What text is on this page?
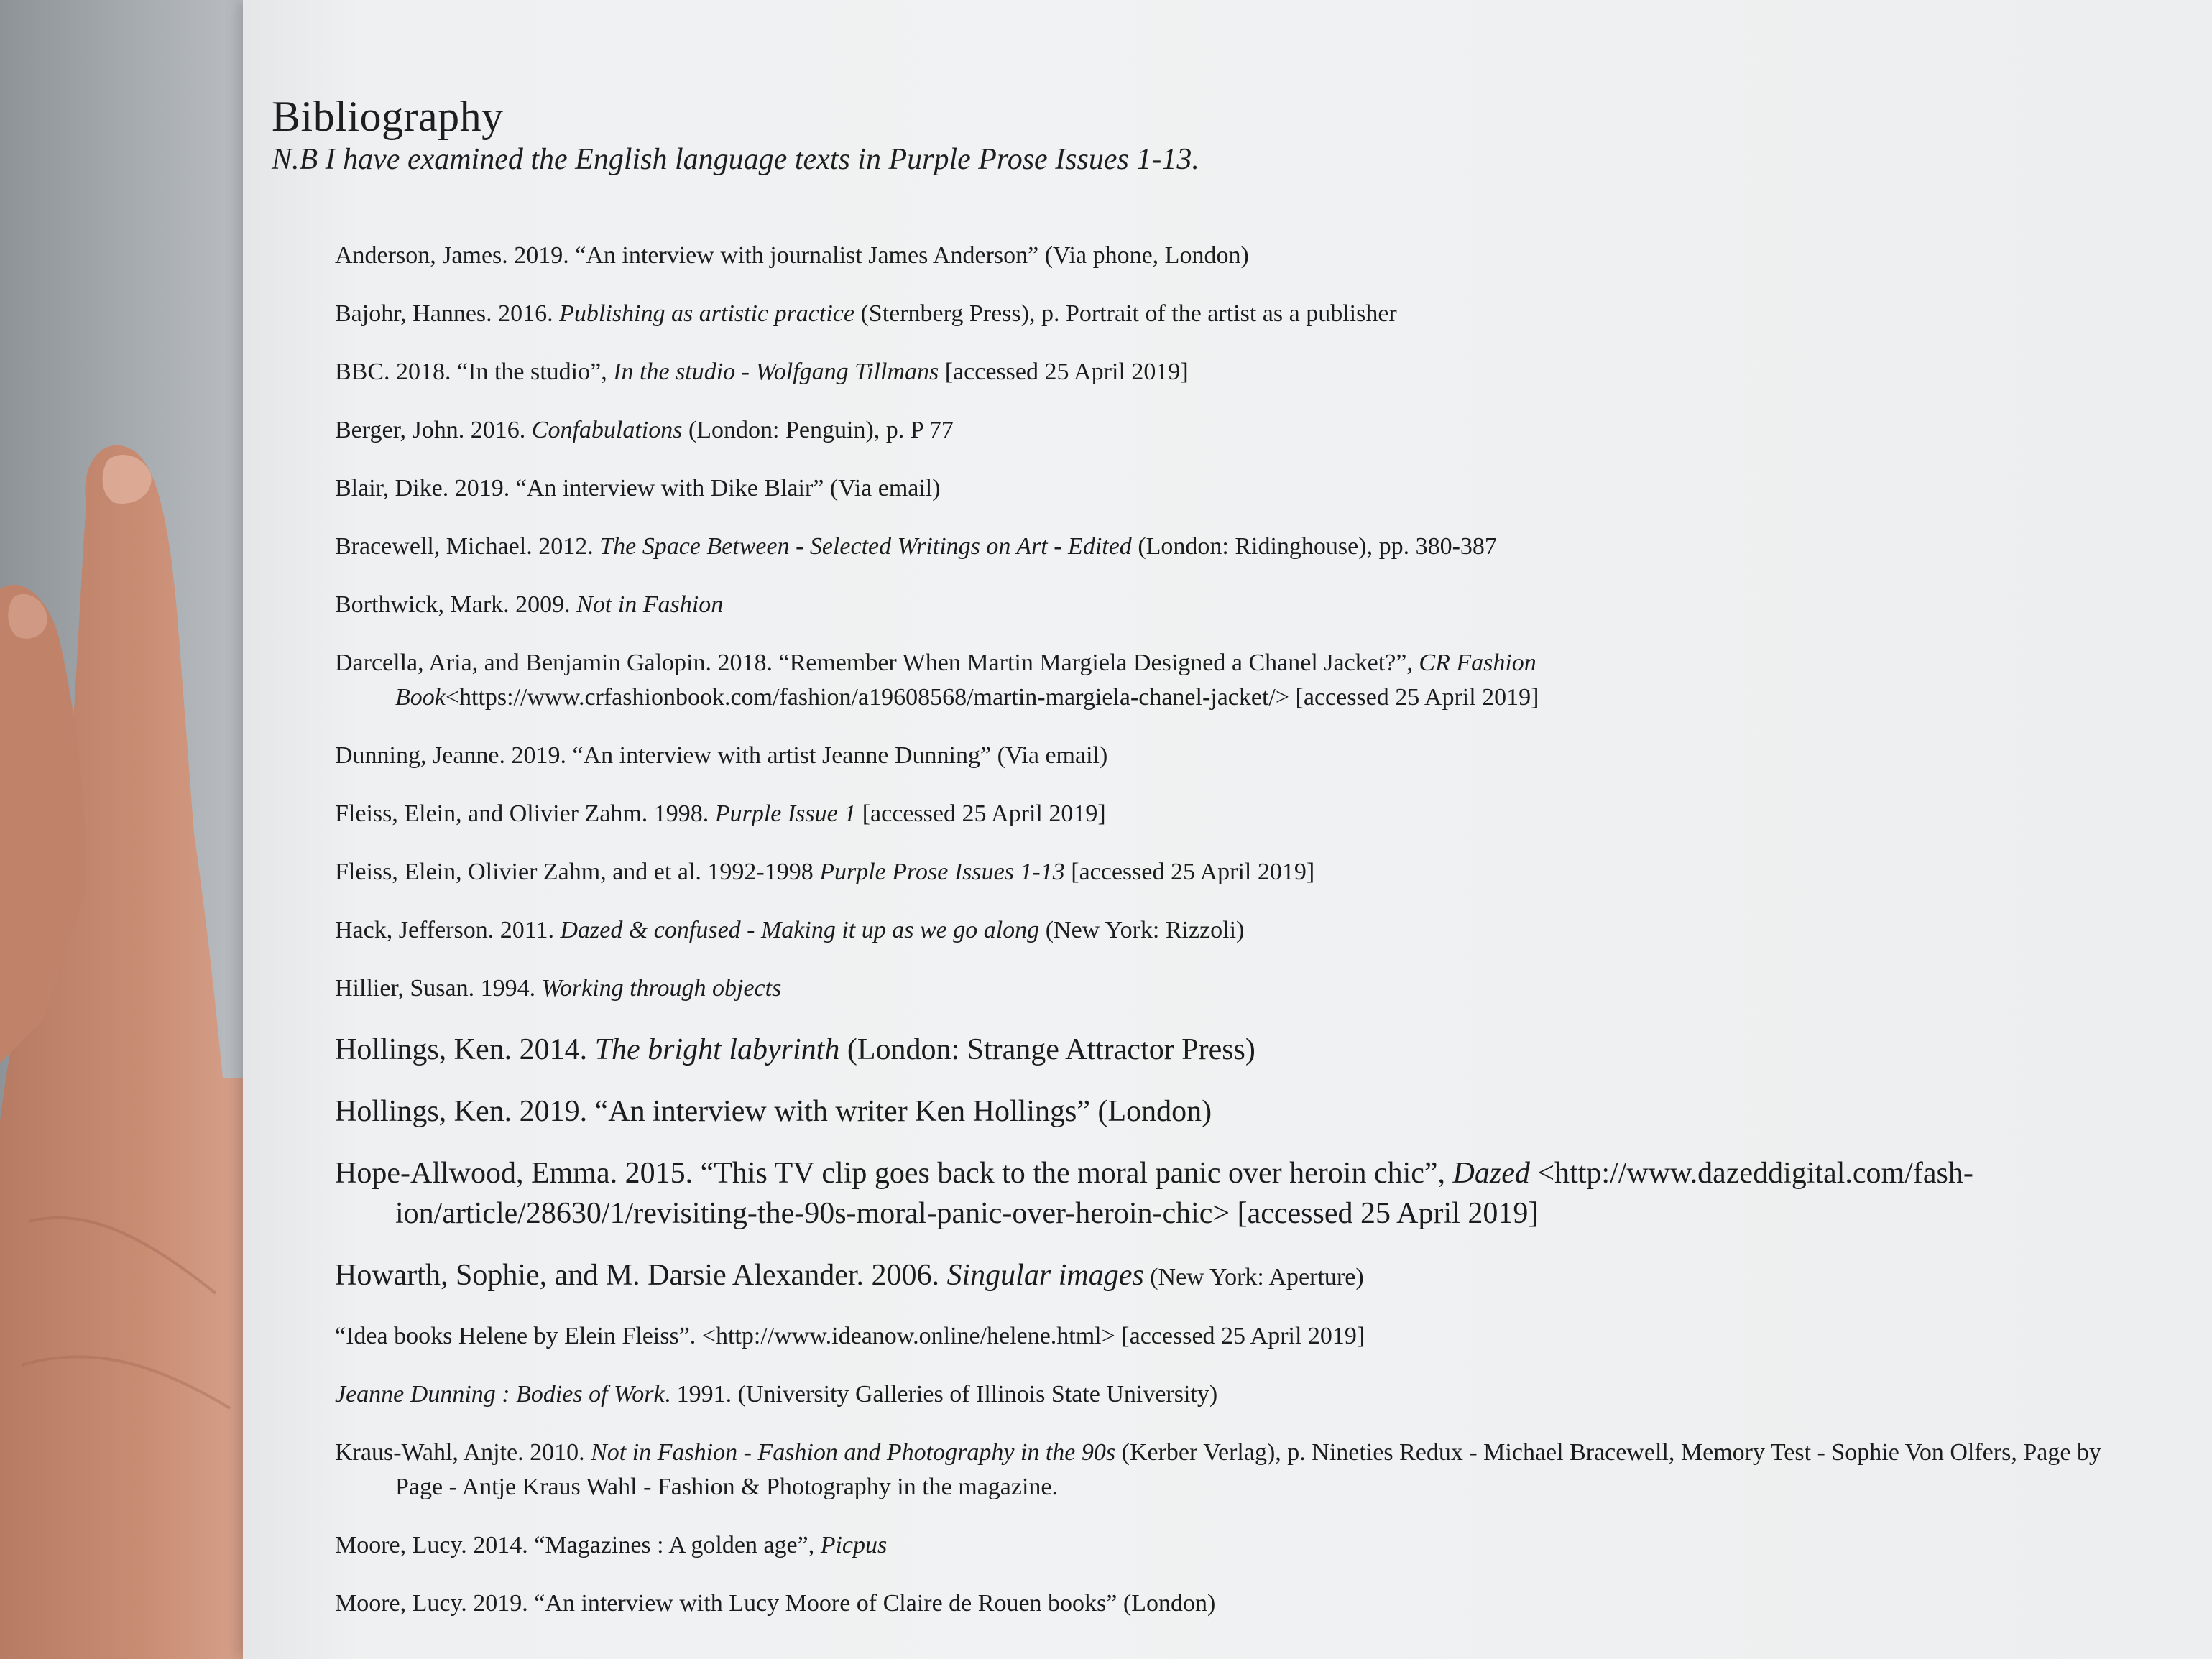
Bibliography
N.B I have examined the English language texts in Purple Prose Issues 1-13.
Anderson, James. 2019. “An interview with journalist James Anderson” (Via phone, London)
Bajohr, Hannes. 2016. Publishing as artistic practice (Sternberg Press), p. Portrait of the artist as a publisher
BBC. 2018. “In the studio”, In the studio - Wolfgang Tillmans [accessed 25 April 2019]
Berger, John. 2016. Confabulations (London: Penguin), p. P 77
Blair, Dike. 2019. “An interview with Dike Blair” (Via email)
Bracewell, Michael. 2012. The Space Between - Selected Writings on Art - Edited (London: Ridinghouse), pp. 380-387
Borthwick, Mark. 2009. Not in Fashion
Darcella, Aria, and Benjamin Galopin. 2018. “Remember When Martin Margiela Designed a Chanel Jacket?”, CR Fashion Book<https://www.crfashionbook.com/fashion/a19608568/martin-margiela-chanel-jacket/> [accessed 25 April 2019]
Dunning, Jeanne. 2019. “An interview with artist Jeanne Dunning” (Via email)
Fleiss, Elein, and Olivier Zahm. 1998. Purple Issue 1 [accessed 25 April 2019]
Fleiss, Elein, Olivier Zahm, and et al. 1992-1998 Purple Prose Issues 1-13 [accessed 25 April 2019]
Hack, Jefferson. 2011. Dazed & confused - Making it up as we go along (New York: Rizzoli)
Hillier, Susan. 1994. Working through objects
Hollings, Ken. 2014. The bright labyrinth (London: Strange Attractor Press)
Hollings, Ken. 2019. “An interview with writer Ken Hollings” (London)
Hope-Allwood, Emma. 2015. “This TV clip goes back to the moral panic over heroin chic”, Dazed <http://www.dazeddigital.com/fash-ion/article/28630/1/revisiting-the-90s-moral-panic-over-heroin-chic> [accessed 25 April 2019]
Howarth, Sophie, and M. Darsie Alexander. 2006. Singular images (New York: Aperture)
“Idea books Helene by Elein Fleiss”. <http://www.ideanow.online/helene.html> [accessed 25 April 2019]
Jeanne Dunning : Bodies of Work. 1991. (University Galleries of Illinois State University)
Kraus-Wahl, Anjte. 2010. Not in Fashion - Fashion and Photography in the 90s (Kerber Verlag), p. Nineties Redux - Michael Bracewell, Memory Test - Sophie Von Olfers, Page by Page - Antje Kraus Wahl - Fashion & Photography in the magazine.
Moore, Lucy. 2014. “Magazines : A golden age”, Picpus
Moore, Lucy. 2019. “An interview with Lucy Moore of Claire de Rouen books” (London)
